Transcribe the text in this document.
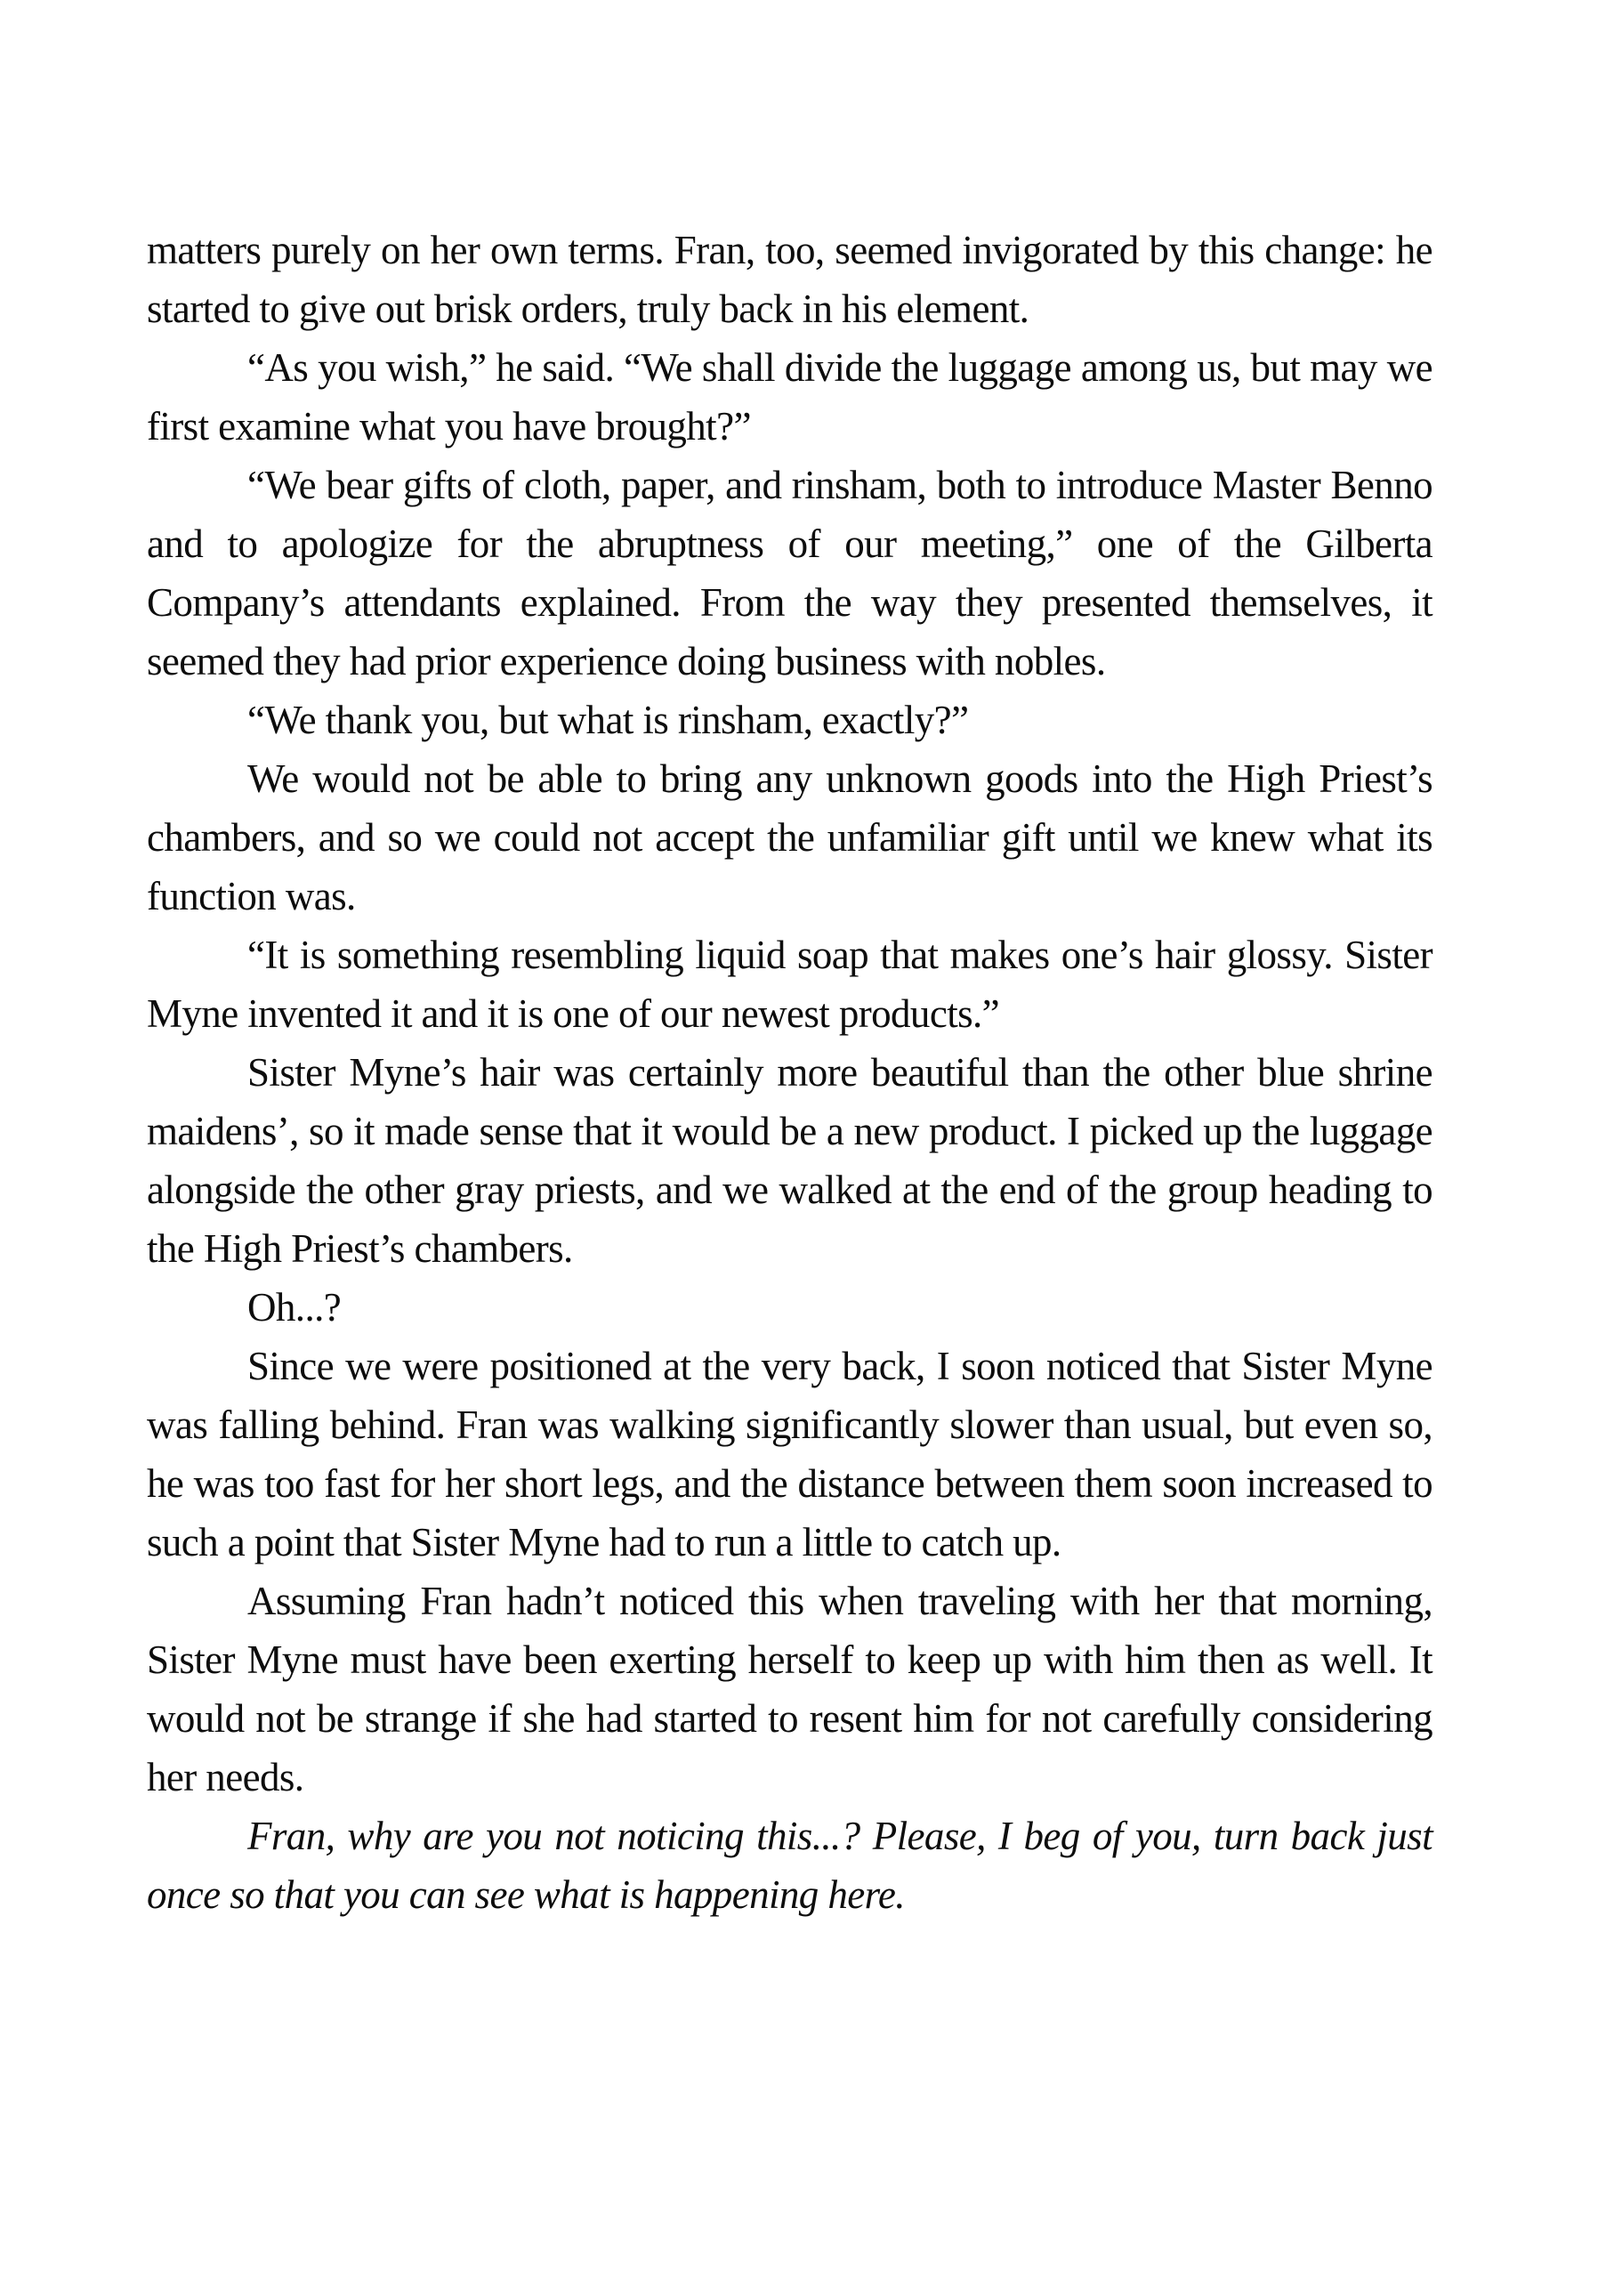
matters purely on her own terms. Fran, too, seemed invigorated by this change: he started to give out brisk orders, truly back in his element.

“As you wish,” he said. “We shall divide the luggage among us, but may we first examine what you have brought?”

“We bear gifts of cloth, paper, and rinsham, both to introduce Master Benno and to apologize for the abruptness of our meeting,” one of the Gilberta Company’s attendants explained. From the way they presented themselves, it seemed they had prior experience doing business with nobles.

“We thank you, but what is rinsham, exactly?”

We would not be able to bring any unknown goods into the High Priest’s chambers, and so we could not accept the unfamiliar gift until we knew what its function was.

“It is something resembling liquid soap that makes one’s hair glossy. Sister Myne invented it and it is one of our newest products.”

Sister Myne’s hair was certainly more beautiful than the other blue shrine maidens’, so it made sense that it would be a new product. I picked up the luggage alongside the other gray priests, and we walked at the end of the group heading to the High Priest’s chambers.

Oh...?

Since we were positioned at the very back, I soon noticed that Sister Myne was falling behind. Fran was walking significantly slower than usual, but even so, he was too fast for her short legs, and the distance between them soon increased to such a point that Sister Myne had to run a little to catch up.

Assuming Fran hadn’t noticed this when traveling with her that morning, Sister Myne must have been exerting herself to keep up with him then as well. It would not be strange if she had started to resent him for not carefully considering her needs.

Fran, why are you not noticing this...? Please, I beg of you, turn back just once so that you can see what is happening here.
